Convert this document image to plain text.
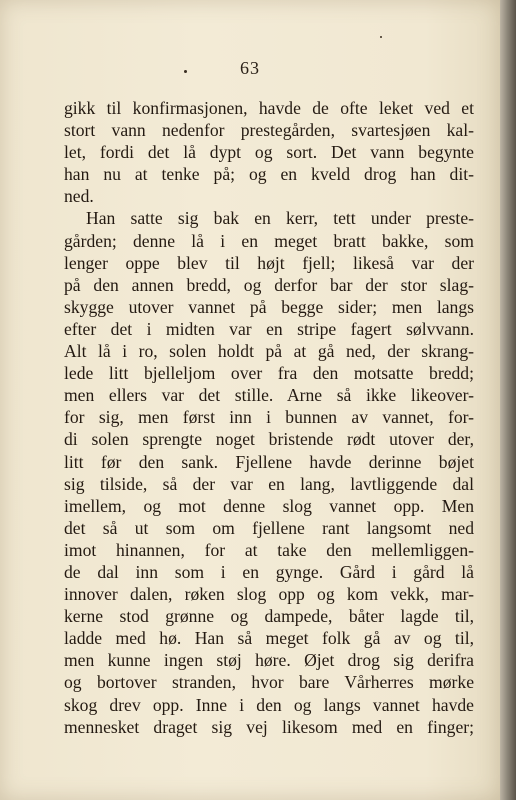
63
gikk til konfirmasjonen, havde de ofte leket ved et
stort vann nedenfor prestegården, svartesjøen kal-
let, fordi det lå dypt og sort. Det vann begynte
han nu at tenke på; og en kveld drog han dit-
ned.
Han satte sig bak en kerr, tett under preste-
gården; denne lå i en meget bratt bakke, som
lenger oppe blev til højt fjell; likeså var der
på den annen bredd, og derfor bar der stor slag-
skygge utover vannet på begge sider; men langs
efter det i midten var en stripe fagert sølvvann.
Alt lå i ro, solen holdt på at gå ned, der skrang-
lede litt bjelleljom over fra den motsatte bredd;
men ellers var det stille. Arne så ikke likeover-
for sig, men først inn i bunnen av vannet, for-
di solen sprengte noget bristende rødt utover der,
litt før den sank. Fjellene havde derinne bøjet
sig tilside, så der var en lang, lavtliggende dal
imellem, og mot denne slog vannet opp. Men
det så ut som om fjellene rant langsomt ned
imot hinannen, for at take den mellemliggen-
de dal inn som i en gynge. Gård i gård lå
innover dalen, røken slog opp og kom vekk, mar-
kerne stod grønne og dampede, båter lagde til,
ladde med hø. Han så meget folk gå av og til,
men kunne ingen støj høre. Øjet drog sig derifra
og bortover stranden, hvor bare Vårherres mørke
skog drev opp. Inne i den og langs vannet havde
mennesket draget sig vej likesom med en finger;
